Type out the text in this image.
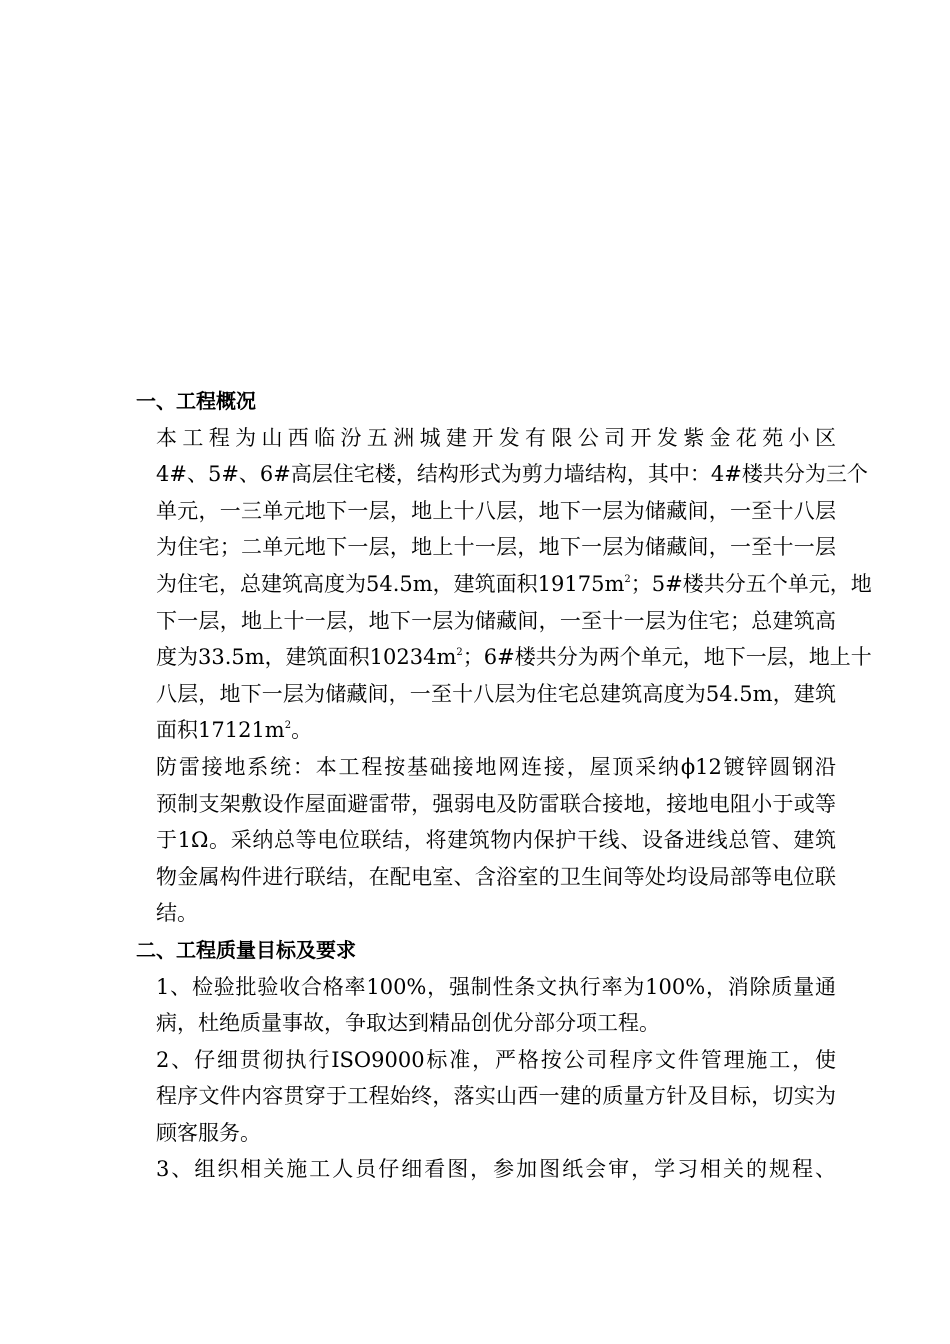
一、工程概况
本工程为山西临汾五洲城建开发有限公司开发紫金花苑小区
4#、5#、6#高层住宅楼，结构形式为剪力墙结构，其中：4#楼共分为三个
单元，一三单元地下一层，地上十八层，地下一层为储藏间，一至十八层
为住宅；二单元地下一层，地上十一层，地下一层为储藏间，一至十一层
为住宅，总建筑高度为54.5m，建筑面积$19175m^2$；5#楼共分五个单元，地
下一层，地上十一层，地下一层为储藏间，一至十一层为住宅；总建筑高
度为33.5m，建筑面积$10234m^2$；6#楼共分为两个单元，地下一层，地上十
八层，地下一层为储藏间，一至十八层为住宅总建筑高度为54.5m，建筑
面积$17121m^2$。
防雷接地系统：本工程按基础接地网连接，屋顶采纳ϕ12镀锌圆钢沿
预制支架敷设作屋面避雷带，强弱电及防雷联合接地，接地电阻小于或等
于1Ω。采纳总等电位联结，将建筑物内保护干线、设备进线总管、建筑
物金属构件进行联结，在配电室、含浴室的卫生间等处均设局部等电位联
结。
二、工程质量目标及要求
1、检验批验收合格率100%，强制性条文执行率为100%，消除质量通
病，杜绝质量事故，争取达到精品创优分部分项工程。
2、仔细贯彻执行ISO9000标准，严格按公司程序文件管理施工，使
程序文件内容贯穿于工程始终，落实山西一建的质量方针及目标，切实为
顾客服务。
3、组织相关施工人员仔细看图，参加图纸会审，学习相关的规程、
